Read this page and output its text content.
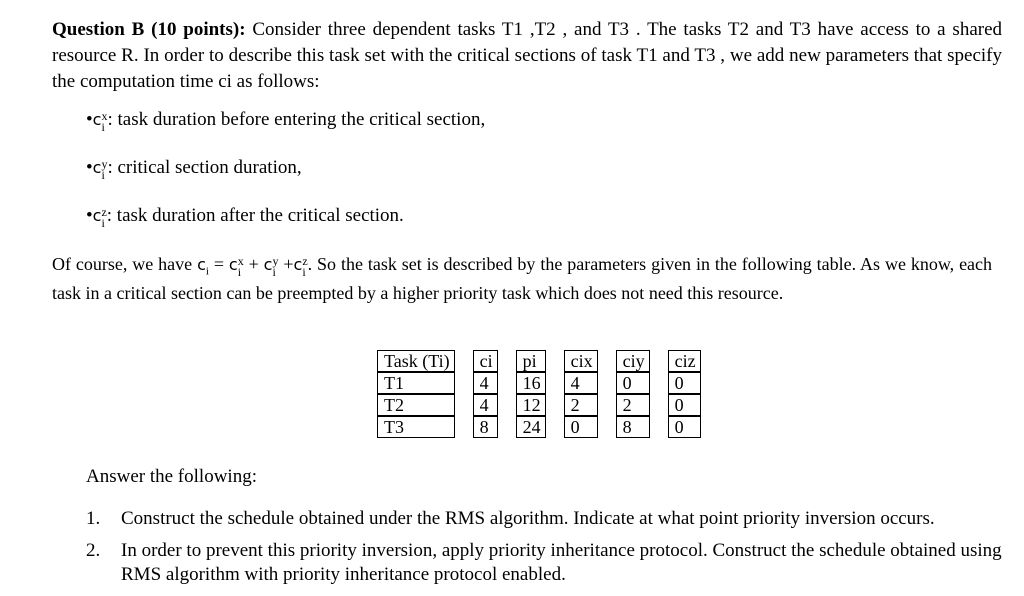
Question B (10 points): Consider three dependent tasks T1 ,T2 , and T3 . The tasks T2 and T3 have access to a shared resource R. In order to describe this task set with the critical sections of task T1 and T3 , we add new parameters that specify the computation time ci as follows:
•c x
i : task duration before entering the critical section,
•c y
i : critical section duration,
•c z
i : task duration after the critical section.
Of course, we have $c_i = c$ x
i + c y
i +c z
i . So the task set is described by the parameters given in the following table. As we know, each task in a critical section can be preempted by a higher priority task which does not need this resource.
Task (Ti)		ci		pi		cix		ciy		ciz
T1		4		16		4		0		0
T2		4		12		2		2		0
T3		8		24		0		8		0
Answer the following:
1. Construct the schedule obtained under the RMS algorithm. Indicate at what point priority inversion occurs.
2. In order to prevent this priority inversion, apply priority inheritance protocol. Construct the schedule obtained using RMS algorithm with priority inheritance protocol enabled.
